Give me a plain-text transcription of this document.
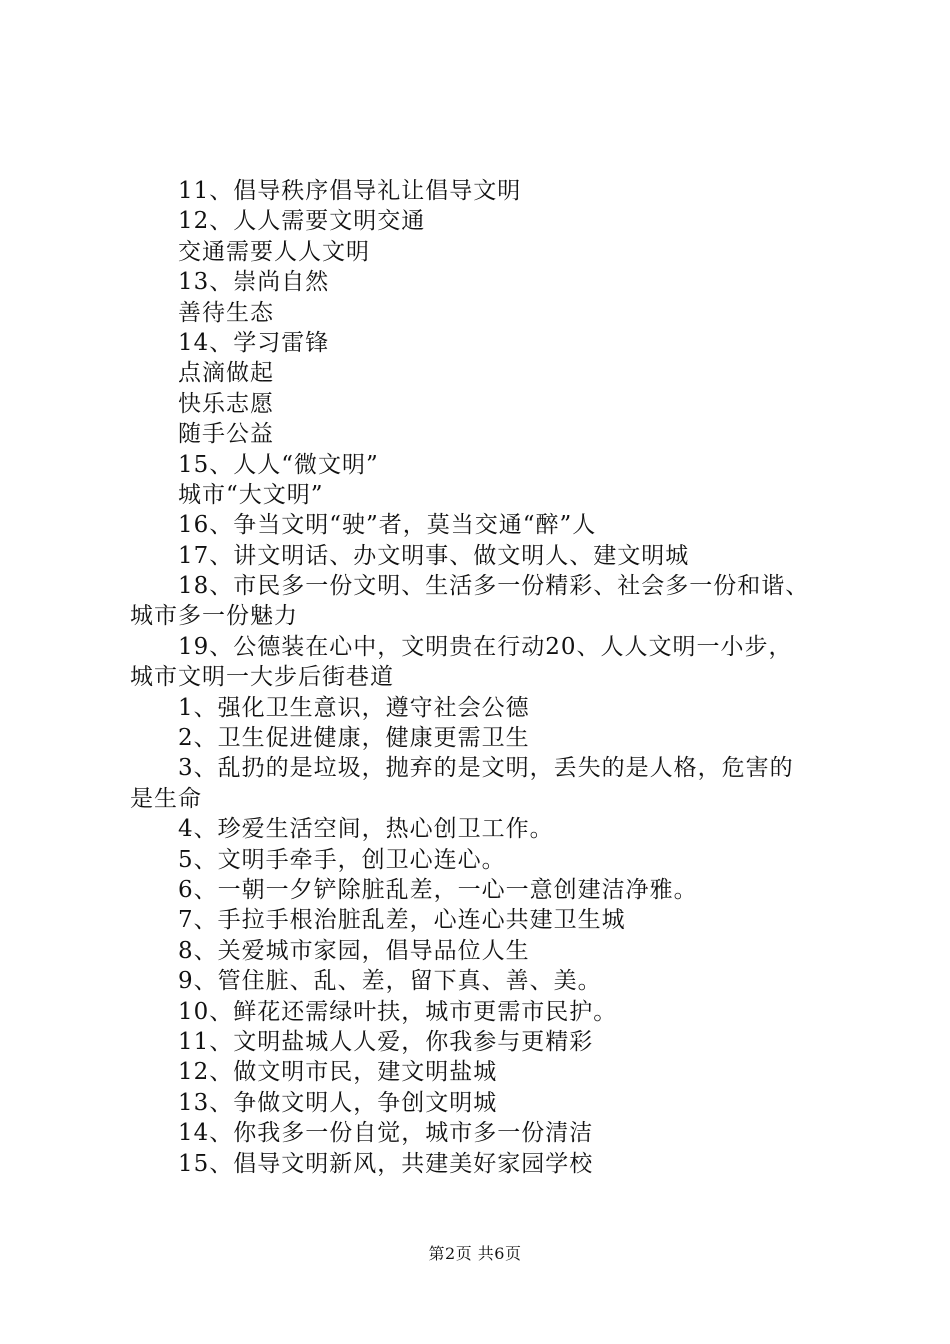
11、倡导秩序倡导礼让倡导文明
12、人人需要文明交通
交通需要人人文明
13、崇尚自然
善待生态
14、学习雷锋
点滴做起
快乐志愿
随手公益
15、人人“微文明”
城市“大文明”
16、争当文明“驶”者，莫当交通“醉”人
17、讲文明话、办文明事、做文明人、建文明城
18、市民多一份文明、生活多一份精彩、社会多一份和谐、
城市多一份魅力
19、公德装在心中，文明贵在行动20、人人文明一小步，
城市文明一大步后街巷道
1、强化卫生意识，遵守社会公德
2、卫生促进健康，健康更需卫生
3、乱扔的是垃圾，抛弃的是文明，丢失的是人格，危害的
是生命
4、珍爱生活空间，热心创卫工作。
5、文明手牵手，创卫心连心。
6、一朝一夕铲除脏乱差，一心一意创建洁净雅。
7、手拉手根治脏乱差，心连心共建卫生城
8、关爱城市家园，倡导品位人生
9、管住脏、乱、差，留下真、善、美。
10、鲜花还需绿叶扶，城市更需市民护。
11、文明盐城人人爱，你我参与更精彩
12、做文明市民，建文明盐城
13、争做文明人，争创文明城
14、你我多一份自觉，城市多一份清洁
15、倡导文明新风，共建美好家园学校
第2页 共6页
